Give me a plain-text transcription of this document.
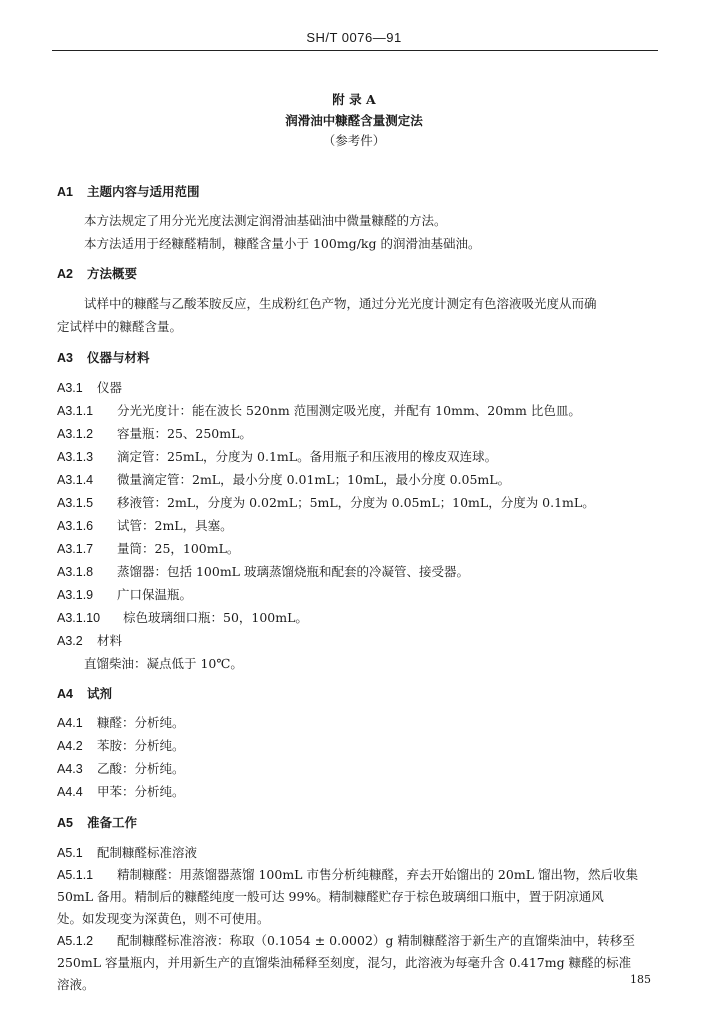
SH/T 0076—91
附 录 A
润滑油中糠醛含量测定法
（参考件）
A1 主题内容与适用范围
本方法规定了用分光光度法测定润滑油基础油中微量糠醛的方法。
本方法适用于经糠醛精制，糠醛含量小于 100mg/kg 的润滑油基础油。
A2 方法概要
试样中的糠醛与乙酸苯胺反应，生成粉红色产物，通过分光光度计测定有色溶液吸光度从而确
定试样中的糠醛含量。
A3 仪器与材料
A3.1 仪器
A3.1.1 分光光度计：能在波长 520nm 范围测定吸光度，并配有 10mm、20mm 比色皿。
A3.1.2 容量瓶：25、250mL。
A3.1.3 滴定管：25mL，分度为 0.1mL。备用瓶子和压液用的橡皮双连球。
A3.1.4 微量滴定管：2mL，最小分度 0.01mL；10mL，最小分度 0.05mL。
A3.1.5 移液管：2mL，分度为 0.02mL；5mL，分度为 0.05mL；10mL，分度为 0.1mL。
A3.1.6 试管：2mL，具塞。
A3.1.7 量筒：25，100mL。
A3.1.8 蒸馏器：包括 100mL 玻璃蒸馏烧瓶和配套的冷凝管、接受器。
A3.1.9 广口保温瓶。
A3.1.10 棕色玻璃细口瓶：50，100mL。
A3.2 材料
直馏柴油：凝点低于 10℃。
A4 试剂
A4.1 糠醛：分析纯。
A4.2 苯胺：分析纯。
A4.3 乙酸：分析纯。
A4.4 甲苯：分析纯。
A5 准备工作
A5.1 配制糠醛标准溶液
A5.1.1 精制糠醛：用蒸馏器蒸馏 100mL 市售分析纯糠醛，弃去开始馏出的 20mL 馏出物，然后收集
50mL 备用。精制后的糠醛纯度一般可达 99%。精制糠醛贮存于棕色玻璃细口瓶中，置于阴凉通风
处。如发现变为深黄色，则不可使用。
A5.1.2 配制糠醛标准溶液：称取（0.1054 ± 0.0002）g 精制糠醛溶于新生产的直馏柴油中，转移至
250mL 容量瓶内，并用新生产的直馏柴油稀释至刻度，混匀，此溶液为每毫升含 0.417mg 糠醛的标准
溶液。	185
